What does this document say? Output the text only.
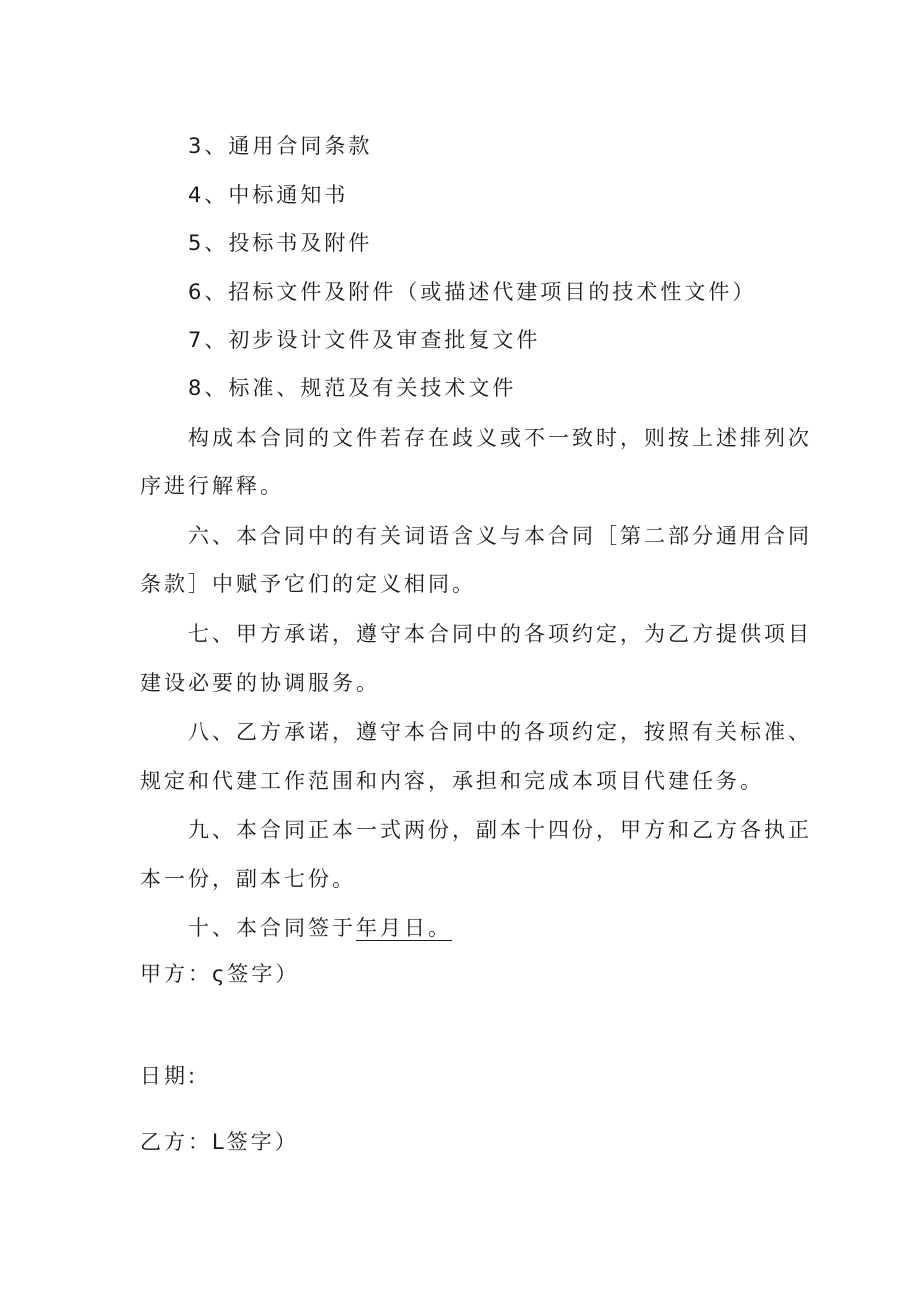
3、通用合同条款
4、中标通知书
5、投标书及附件
6、招标文件及附件（或描述代建项目的技术性文件）
7、初步设计文件及审查批复文件
8、标准、规范及有关技术文件
构成本合同的文件若存在歧义或不一致时，则按上述排列次
序进行解释。
六、本合同中的有关词语含义与本合同［第二部分通用合同
条款］中赋予它们的定义相同。
七、甲方承诺，遵守本合同中的各项约定，为乙方提供项目
建设必要的协调服务。
八、乙方承诺，遵守本合同中的各项约定，按照有关标准、
规定和代建工作范围和内容，承担和完成本项目代建任务。
九、本合同正本一式两份，副本十四份，甲方和乙方各执正
本一份，副本七份。
十、本合同签于年月日。
甲方：ς签字）
日期:
乙方：L签字）
